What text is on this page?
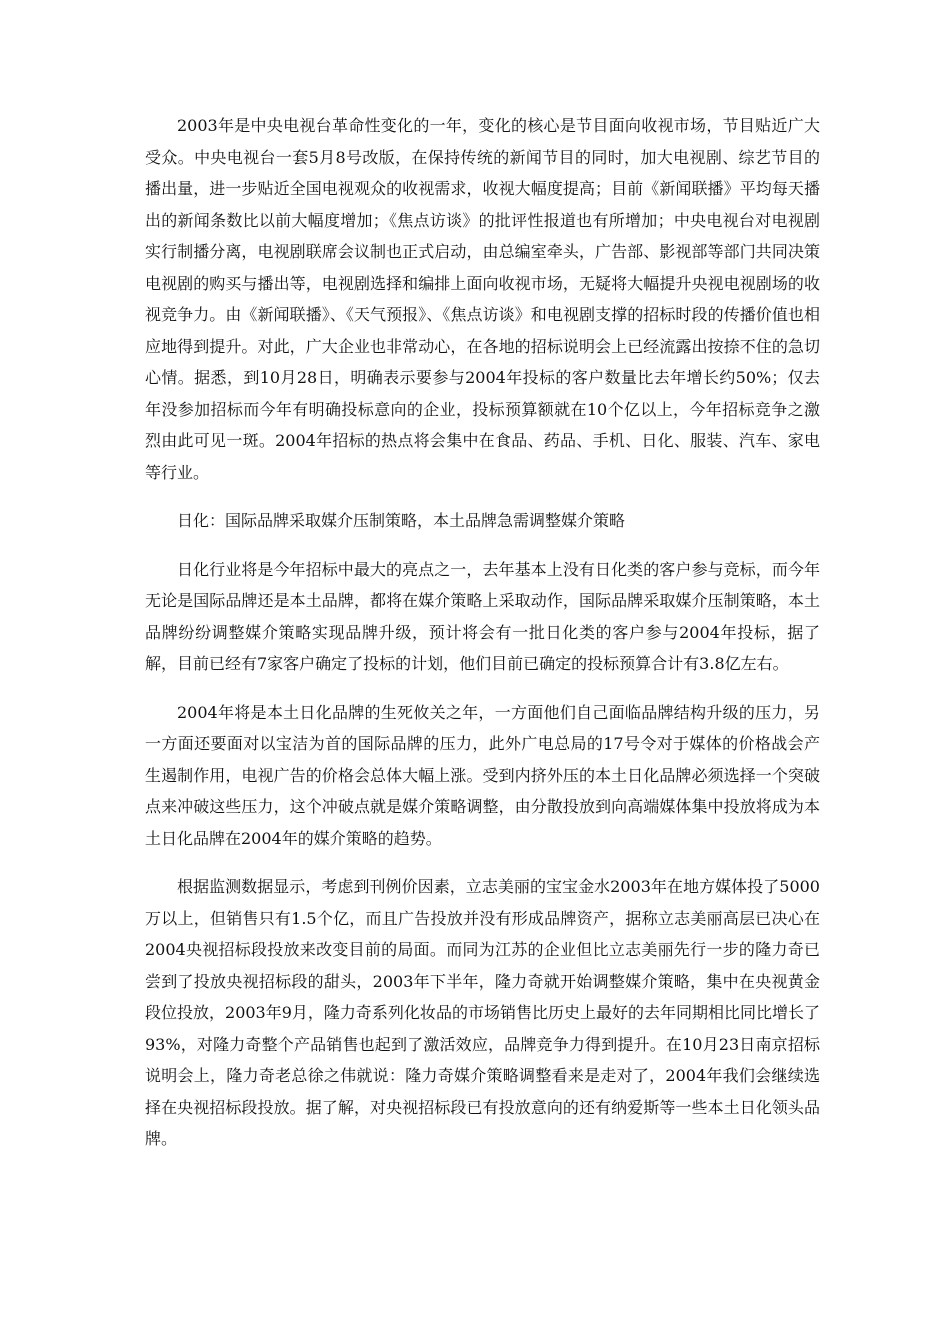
2003年是中央电视台革命性变化的一年，变化的核心是节目面向收视市场，节目贴近广大受众。中央电视台一套5月8号改版，在保持传统的新闻节目的同时，加大电视剧、综艺节目的播出量，进一步贴近全国电视观众的收视需求，收视大幅度提高；目前《新闻联播》平均每天播出的新闻条数比以前大幅度增加；《焦点访谈》的批评性报道也有所增加；中央电视台对电视剧实行制播分离，电视剧联席会议制也正式启动，由总编室牵头，广告部、影视部等部门共同决策电视剧的购买与播出等，电视剧选择和编排上面向收视市场，无疑将大幅提升央视电视剧场的收视竞争力。由《新闻联播》、《天气预报》、《焦点访谈》和电视剧支撑的招标时段的传播价值也相应地得到提升。对此，广大企业也非常动心，在各地的招标说明会上已经流露出按捺不住的急切心情。据悉，到10月28日，明确表示要参与2004年投标的客户数量比去年增长约50%；仅去年没参加招标而今年有明确投标意向的企业，投标预算额就在10个亿以上，今年招标竞争之激烈由此可见一斑。2004年招标的热点将会集中在食品、药品、手机、日化、服装、汽车、家电等行业。

日化：国际品牌采取媒介压制策略，本土品牌急需调整媒介策略

日化行业将是今年招标中最大的亮点之一，去年基本上没有日化类的客户参与竞标，而今年无论是国际品牌还是本土品牌，都将在媒介策略上采取动作，国际品牌采取媒介压制策略，本土品牌纷纷调整媒介策略实现品牌升级，预计将会有一批日化类的客户参与2004年投标，据了解，目前已经有7家客户确定了投标的计划，他们目前已确定的投标预算合计有3.8亿左右。

2004年将是本土日化品牌的生死攸关之年，一方面他们自己面临品牌结构升级的压力，另一方面还要面对以宝洁为首的国际品牌的压力，此外广电总局的17号令对于媒体的价格战会产生遏制作用，电视广告的价格会总体大幅上涨。受到内挤外压的本土日化品牌必须选择一个突破点来冲破这些压力，这个冲破点就是媒介策略调整，由分散投放到向高端媒体集中投放将成为本土日化品牌在2004年的媒介策略的趋势。

根据监测数据显示，考虑到刊例价因素，立志美丽的宝宝金水2003年在地方媒体投了5000万以上，但销售只有1.5个亿，而且广告投放并没有形成品牌资产，据称立志美丽高层已决心在2004央视招标段投放来改变目前的局面。而同为江苏的企业但比立志美丽先行一步的隆力奇已尝到了投放央视招标段的甜头，2003年下半年，隆力奇就开始调整媒介策略，集中在央视黄金段位投放，2003年9月，隆力奇系列化妆品的市场销售比历史上最好的去年同期相比同比增长了93%，对隆力奇整个产品销售也起到了激活效应，品牌竞争力得到提升。在10月23日南京招标说明会上，隆力奇老总徐之伟就说：隆力奇媒介策略调整看来是走对了，2004年我们会继续选择在央视招标段投放。据了解，对央视招标段已有投放意向的还有纳爱斯等一些本土日化领头品牌。
